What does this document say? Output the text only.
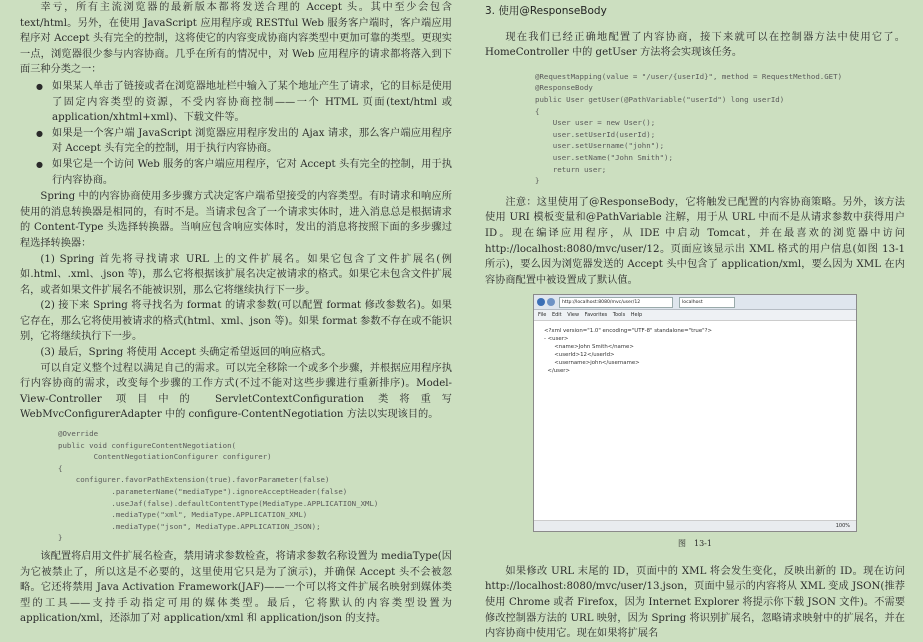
幸亏，所有主流浏览器的最新版本都将发送合理的 Accept 头。其中至少会包含 text/html。另外，在使用 JavaScript 应用程序或 RESTful Web 服务客户端时，客户端应用程序对 Accept 头有完全的控制，这将使它的内容变成协商内容类型中更加可靠的类型。更现实一点，浏览器很少参与内容协商。几乎在所有的情况中，对 Web 应用程序的请求都将落入到下面三种分类之一：

● 如果某人单击了链接或者在浏览器地址栏中输入了某个地址产生了请求，它的目标是使用了固定内容类型的资源，不受内容协商控制——一个 HTML 页面(text/html 或 application/xhtml+xml)、下载文件等。
● 如果是一个客户端 JavaScript 浏览器应用程序发出的 Ajax 请求，那么客户端应用程序对 Accept 头有完全的控制，用于执行内容协商。
● 如果它是一个访问 Web 服务的客户端应用程序，它对 Accept 头有完全的控制，用于执行内容协商。

Spring 中的内容协商使用多步骤方式决定客户端希望接受的内容类型。有时请求和响应所使用的消息转换器是相同的，有时不是。当请求包含了一个请求实体时，进入消息总是根据请求的 Content-Type 头选择转换器。当响应包含响应实体时，发出的消息将按照下面的多步骤过程选择转换器：

(1) Spring 首先将寻找请求 URL 上的文件扩展名。如果它包含了文件扩展名(例如.html、.xml、.json 等)，那么它将根据该扩展名决定被请求的格式。如果它未包含文件扩展名，或者如果文件扩展名不能被识别，那么它将继续执行下一步。

(2) 接下来 Spring 将寻找名为 format 的请求参数(可以配置 format 修改参数名)。如果它存在，那么它将使用被请求的格式(html、xml、json 等)。如果 format 参数不存在或不能识别，它将继续执行下一步。

(3) 最后，Spring 将使用 Accept 头确定希望返回的响应格式。

可以自定义整个过程以满足自己的需求。可以完全移除一个或多个步骤，并根据应用程序执行内容协商的需求，改变每个步骤的工作方式(不过不能对这些步骤进行重新排序)。Model-View-Controller 项目中的 ServletContextConfiguration 类将重写 WebMvcConfigurerAdapter 中的 configure-ContentNegotiation 方法以实现该目的。

@Override
public void configureContentNegotiation(
ContentNegotiationConfigurer configurer)
{
configurer.favorPathExtension(true).favorParameter(false)
.parameterName("mediaType").ignoreAcceptHeader(false)
.useJaf(false).defaultContentType(MediaType.APPLICATION_XML)
.mediaType("xml", MediaType.APPLICATION_XML)
.mediaType("json", MediaType.APPLICATION_JSON);
}

该配置将启用文件扩展名检查，禁用请求参数检查，将请求参数名称设置为 mediaType(因为它被禁止了，所以这是不必要的，这里使用它只是为了演示)，并确保 Accept 头不会被忽略。它还将禁用 Java Activation Framework(JAF)——一个可以将文件扩展名映射到媒体类型的工具——支持手动指定可用的媒体类型。最后，它将默认的内容类型设置为 application/xml，还添加了对 application/xml 和 application/json 的支持。

3. 使用@ResponseBody

现在我们已经正确地配置了内容协商，接下来就可以在控制器方法中使用它了。HomeController 中的 getUser 方法将会实现该任务。

@RequestMapping(value = "/user/{userId}", method = RequestMethod.GET)
@ResponseBody
public User getUser(@PathVariable("userId") long userId)
{
User user = new User();
user.setUserId(userId);
user.setUsername("john");
user.setName("John Smith");
return user;
}

注意：这里使用了@ResponseBody，它将触发已配置的内容协商策略。另外，该方法使用 URI 模板变量和@PathVariable 注解，用于从 URL 中而不是从请求参数中获得用户 ID。现在编译应用程序，从 IDE 中启动 Tomcat，并在最喜欢的浏览器中访问 http://localhost:8080/mvc/user/12。页面应该显示出 XML 格式的用户信息(如图 13-1 所示)，要么因为浏览器发送的 Accept 头中包含了 application/xml，要么因为 XML 在内容协商配置中被设置成了默认值。

http://localhost:8080/mvc/user/12	localhost
File Edit View Favorites Tools Help
<?xml version="1.0" encoding="UTF-8" standalone="true"?>
- <user>
<name>John Smith</name>
<userId>12</userId>
<username>john</username>
</user>
100%
图　13-1

如果修改 URL 末尾的 ID，页面中的 XML 将会发生变化，反映出新的 ID。现在访问 http://localhost:8080/mvc/user/13.json，页面中显示的内容将从 XML 变成 JSON(推荐使用 Chrome 或者 Firefox，因为 Internet Explorer 将提示你下载 JSON 文件)。不需要修改控制器方法的 URL 映射，因为 Spring 将识别扩展名，忽略请求映射中的扩展名，并在内容协商中使用它。现在如果将扩展名
